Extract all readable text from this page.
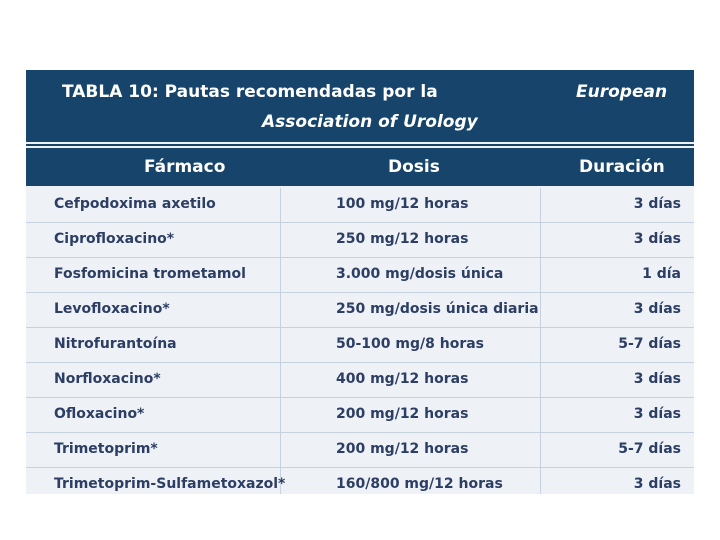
TABLA 10: Pautas recomendadas por la	European
Association of Urology
Fármaco	Dosis	Duración
Cefpodoxima axetilo	100 mg/12 horas	3 días
Ciprofloxacino*	250 mg/12 horas	3 días
Fosfomicina trometamol	3.000 mg/dosis única	1 día
Levofloxacino*	250 mg/dosis única diaria	3 días
Nitrofurantoína	50-100 mg/8 horas	5-7 días
Norfloxacino*	400 mg/12 horas	3 días
Ofloxacino*	200 mg/12 horas	3 días
Trimetoprim*	200 mg/12 horas	5-7 días
Trimetoprim-Sulfametoxazol*	160/800 mg/12 horas	3 días
